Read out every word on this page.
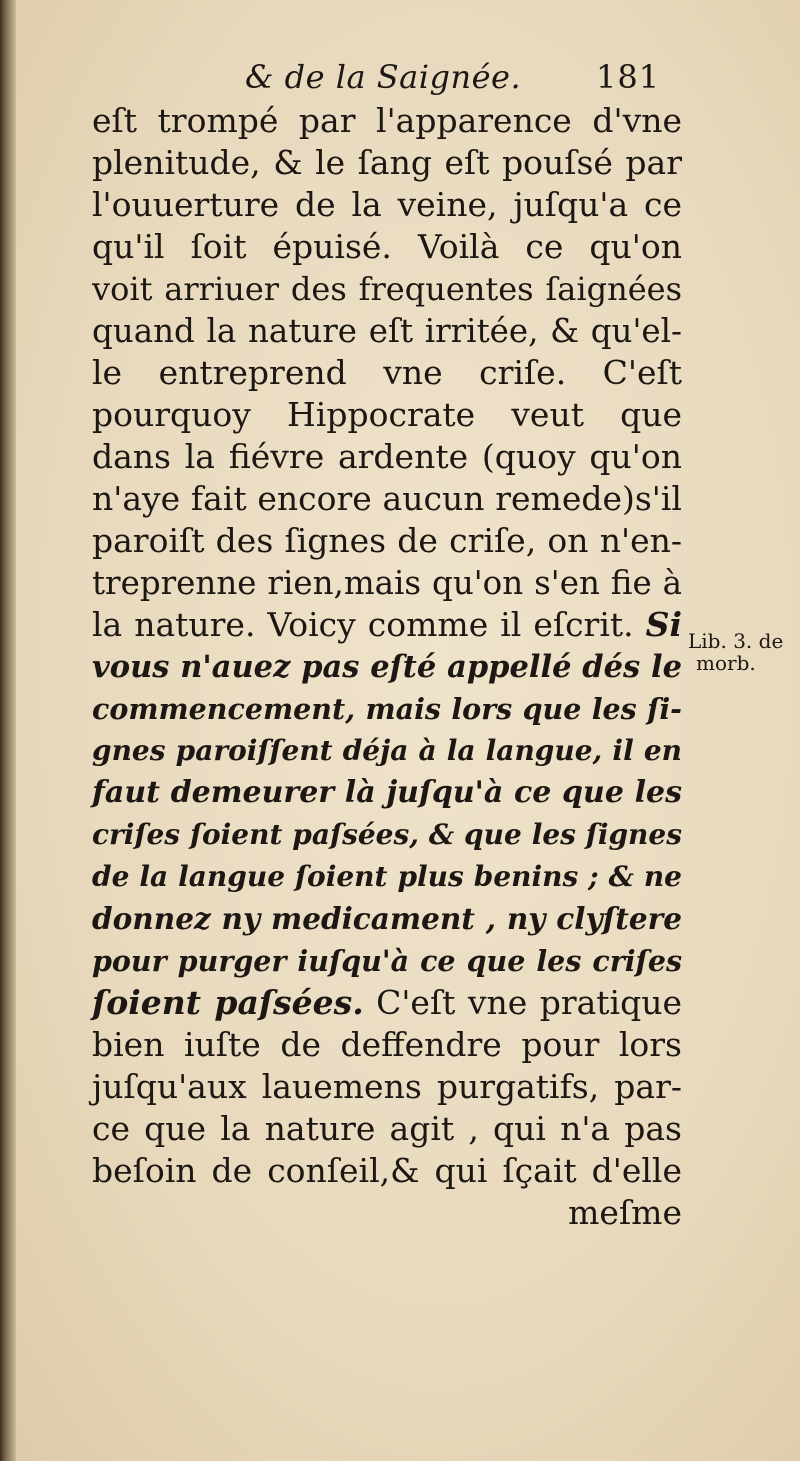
& de la Saignée. 181
eſt trompé par l'apparence d'vne
plenitude, & le ſang eſt pouſsé par
l'ouuerture de la veine, juſqu'a ce
qu'il ſoit épuisé. Voilà ce qu'on
voit arriuer des frequentes ſaignées
quand la nature eſt irritée, & qu'el-
le entreprend vne criſe. C'eſt
pourquoy Hippocrate veut que
dans la fiévre ardente (quoy qu'on
n'aye fait encore aucun remede)s'il
paroiſt des ſignes de criſe, on n'en-
treprenne rien,mais qu'on s'en fie à
la nature. Voicy comme il eſcrit. Si
vous n'auez pas eſté appellé dés le
commencement, mais lors que les ſi-
gnes paroiſſent déja à la langue, il en
faut demeurer là juſqu'à ce que les
criſes ſoient paſsées, & que les ſignes
de la langue ſoient plus benins ; & ne
donnez ny medicament , ny clyſtere
pour purger iuſqu'à ce que les criſes
ſoient paſsées. C'eſt vne pratique
bien iuſte de deffendre pour lors
juſqu'aux lauemens purgatifs, par-
ce que la nature agit , qui n'a pas
beſoin de conſeil,& qui ſçait d'elle
meſme
Lib. 3. de
morb.
